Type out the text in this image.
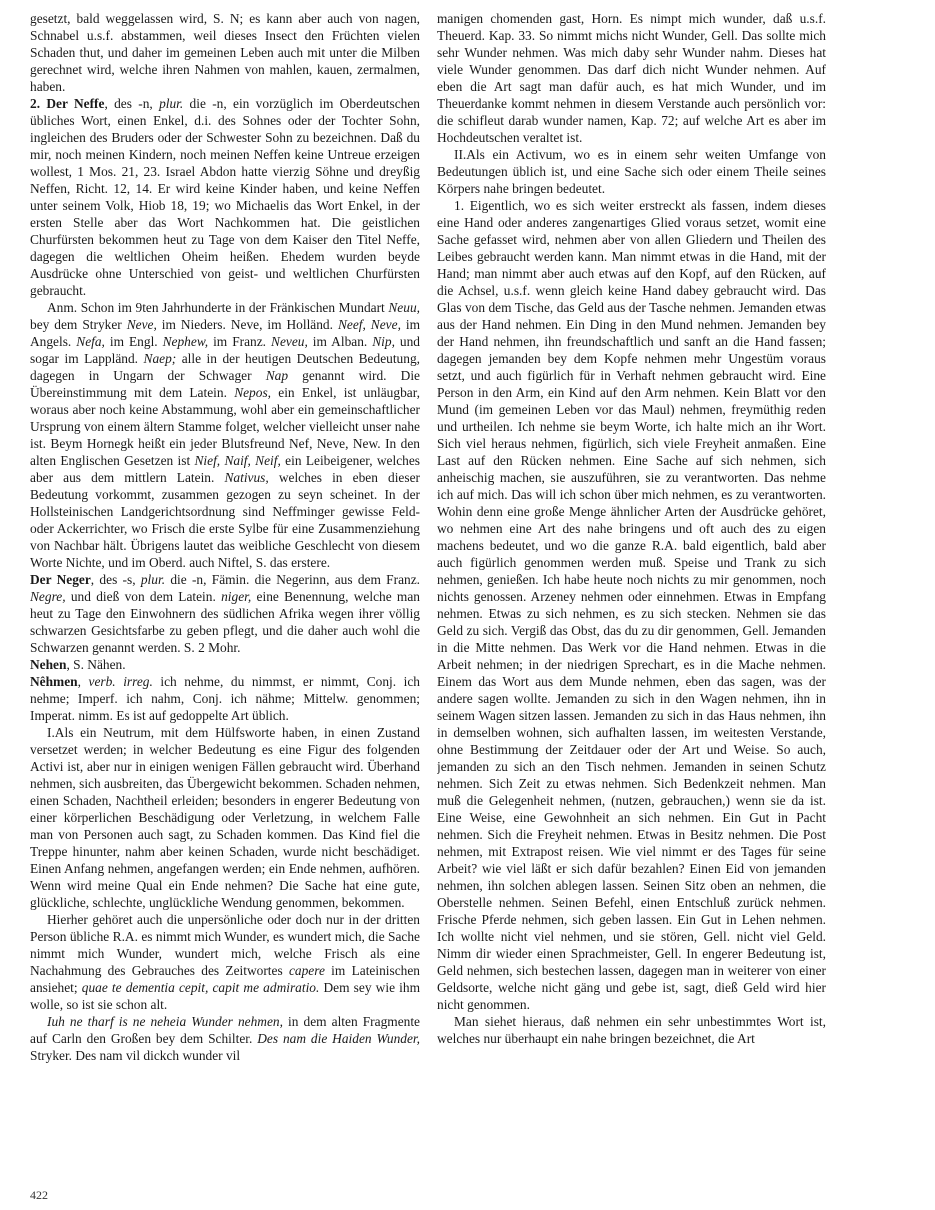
gesetzt, bald weggelassen wird, S. N; es kann aber auch von nagen, Schnabel u.s.f. abstammen, weil dieses Insect den Früchten vielen Schaden thut, und daher im gemeinen Leben auch mit unter die Milben gerechnet wird, welche ihren Nahmen von mahlen, kauen, zermalmen, haben.

2. Der Neffe, des -n, plur. die -n, ein vorzüglich im Oberdeutschen übliches Wort, einen Enkel, d.i. des Sohnes oder der Tochter Sohn, ingleichen des Bruders oder der Schwester Sohn zu bezeichnen. Daß du mir, noch meinen Kindern, noch meinen Neffen keine Untreue erzeigen wollest, 1 Mos. 21, 23. Israel Abdon hatte vierzig Söhne und dreyßig Neffen, Richt. 12, 14. Er wird keine Kinder haben, und keine Neffen unter seinem Volk, Hiob 18, 19; wo Michaelis das Wort Enkel, in der ersten Stelle aber das Wort Nachkommen hat. Die geistlichen Churfürsten bekommen heut zu Tage von dem Kaiser den Titel Neffe, dagegen die weltlichen Oheim heißen. Ehedem wurden beyde Ausdrücke ohne Unterschied von geist- und weltlichen Churfürsten gebraucht.

Anm. Schon im 9ten Jahrhunderte in der Fränkischen Mundart Neuu, bey dem Stryker Neve, im Nieders. Neve, im Holländ. Neef, Neve, im Angels. Nefa, im Engl. Nephew, im Franz. Neveu, im Alban. Nip, und sogar im Lappländ. Naep; alle in der heutigen Deutschen Bedeutung, dagegen in Ungarn der Schwager Nap genannt wird. Die Übereinstimmung mit dem Latein. Nepos, ein Enkel, ist unläugbar, woraus aber noch keine Abstammung, wohl aber ein gemeinschaftlicher Ursprung von einem ältern Stamme folget, welcher vielleicht unser nahe ist. Beym Hornegk heißt ein jeder Blutsfreund Nef, Neve, New. In den alten Englischen Gesetzen ist Nief, Naif, Neif, ein Leibeigener, welches aber aus dem mittlern Latein. Nativus, welches in eben dieser Bedeutung vorkommt, zusammen gezogen zu seyn scheinet. In der Hollsteinischen Landgerichtsordnung sind Neffminger gewisse Feld- oder Ackerrichter, wo Frisch die erste Sylbe für eine Zusammenziehung von Nachbar hält. Übrigens lautet das weibliche Geschlecht von diesem Worte Nichte, und im Oberd. auch Niftel, S. das erstere.

Der Neger, des -s, plur. die -n, Fämin. die Negerinn, aus dem Franz. Negre, und dieß von dem Latein. niger, eine Benennung, welche man heut zu Tage den Einwohnern des südlichen Afrika wegen ihrer völlig schwarzen Gesichtsfarbe zu geben pflegt, und die daher auch wohl die Schwarzen genannt werden. S. 2 Mohr.

Nehen, S. Nähen.

Nêhmen, verb. irreg. ich nehme, du nimmst, er nimmt, Conj. ich nehme; Imperf. ich nahm, Conj. ich nähme; Mittelw. genommen; Imperat. nimm. Es ist auf gedoppelte Art üblich.

I.Als ein Neutrum, mit dem Hülfsworte haben, in einen Zustand versetzet werden; in welcher Bedeutung es eine Figur des folgenden Activi ist, aber nur in einigen wenigen Fällen gebraucht wird. Überhand nehmen, sich ausbreiten, das Übergewicht bekommen. Schaden nehmen, einen Schaden, Nachtheil erleiden; besonders in engerer Bedeutung von einer körperlichen Beschädigung oder Verletzung, in welchem Falle man von Personen auch sagt, zu Schaden kommen. Das Kind fiel die Treppe hinunter, nahm aber keinen Schaden, wurde nicht beschädiget. Einen Anfang nehmen, angefangen werden; ein Ende nehmen, aufhören. Wenn wird meine Qual ein Ende nehmen? Die Sache hat eine gute, glückliche, schlechte, unglückliche Wendung genommen, bekommen.

Hierher gehöret auch die unpersönliche oder doch nur in der dritten Person übliche R.A. es nimmt mich Wunder, es wundert mich, die Sache nimmt mich Wunder, wundert mich, welche Frisch als eine Nachahmung des Gebrauches des Zeitwortes capere im Lateinischen ansiehet; quae te dementia cepit, capit me admiratio. Dem sey wie ihm wolle, so ist sie schon alt.

Iuh ne tharf is ne neheia Wunder nehmen, in dem alten Fragmente auf Carln den Großen bey dem Schilter. Des nam die Haiden Wunder, Stryker. Des nam vil dickch wunder vil

manigen chomenden gast, Horn. Es nimpt mich wunder, daß u.s.f. Theuerd. Kap. 33. So nimmt michs nicht Wunder, Gell. Das sollte mich sehr Wunder nehmen. Was mich daby sehr Wunder nahm. Dieses hat viele Wunder genommen. Das darf dich nicht Wunder nehmen. Auf eben die Art sagt man dafür auch, es hat mich Wunder, und im Theuerdanke kommt nehmen in diesem Verstande auch persönlich vor: die schifleut darab wunder namen, Kap. 72; auf welche Art es aber im Hochdeutschen veraltet ist.

II.Als ein Activum, wo es in einem sehr weiten Umfange von Bedeutungen üblich ist, und eine Sache sich oder einem Theile seines Körpers nahe bringen bedeutet.

1. Eigentlich, wo es sich weiter erstreckt als fassen, indem dieses eine Hand oder anderes zangenartiges Glied voraus setzet, womit eine Sache gefasset wird, nehmen aber von allen Gliedern und Theilen des Leibes gebraucht werden kann. Man nimmt etwas in die Hand, mit der Hand; man nimmt aber auch etwas auf den Kopf, auf den Rücken, auf die Achsel, u.s.f. wenn gleich keine Hand dabey gebraucht wird. Das Glas von dem Tische, das Geld aus der Tasche nehmen. Jemanden etwas aus der Hand nehmen. Ein Ding in den Mund nehmen. Jemanden bey der Hand nehmen, ihn freundschaftlich und sanft an die Hand fassen; dagegen jemanden bey dem Kopfe nehmen mehr Ungestüm voraus setzt, und auch figürlich für in Verhaft nehmen gebraucht wird. Eine Person in den Arm, ein Kind auf den Arm nehmen. Kein Blatt vor den Mund (im gemeinen Leben vor das Maul) nehmen, freymüthig reden und urtheilen. Ich nehme sie beym Worte, ich halte mich an ihr Wort. Sich viel heraus nehmen, figürlich, sich viele Freyheit anmaßen. Eine Last auf den Rücken nehmen. Eine Sache auf sich nehmen, sich anheischig machen, sie auszuführen, sie zu verantworten. Das nehme ich auf mich. Das will ich schon über mich nehmen, es zu verantworten. Wohin denn eine große Menge ähnlicher Arten der Ausdrücke gehöret, wo nehmen eine Art des nahe bringens und oft auch des zu eigen machens bedeutet, und wo die ganze R.A. bald eigentlich, bald aber auch figürlich genommen werden muß. Speise und Trank zu sich nehmen, genießen. Ich habe heute noch nichts zu mir genommen, noch nichts genossen. Arzeney nehmen oder einnehmen. Etwas in Empfang nehmen. Etwas zu sich nehmen, es zu sich stecken. Nehmen sie das Geld zu sich. Vergiß das Obst, das du zu dir genommen, Gell. Jemanden in die Mitte nehmen. Das Werk vor die Hand nehmen. Etwas in die Arbeit nehmen; in der niedrigen Sprechart, es in die Mache nehmen. Einem das Wort aus dem Munde nehmen, eben das sagen, was der andere sagen wollte. Jemanden zu sich in den Wagen nehmen, ihn in seinem Wagen sitzen lassen. Jemanden zu sich in das Haus nehmen, ihn in demselben wohnen, sich aufhalten lassen, im weitesten Verstande, ohne Bestimmung der Zeitdauer oder der Art und Weise. So auch, jemanden zu sich an den Tisch nehmen. Jemanden in seinen Schutz nehmen. Sich Zeit zu etwas nehmen. Sich Bedenkzeit nehmen. Man muß die Gelegenheit nehmen, (nutzen, gebrauchen,) wenn sie da ist. Eine Weise, eine Gewohnheit an sich nehmen. Ein Gut in Pacht nehmen. Sich die Freyheit nehmen. Etwas in Besitz nehmen. Die Post nehmen, mit Extrapost reisen. Wie viel nimmt er des Tages für seine Arbeit? wie viel läßt er sich dafür bezahlen? Einen Eid von jemanden nehmen, ihn solchen ablegen lassen. Seinen Sitz oben an nehmen, die Oberstelle nehmen. Seinen Befehl, einen Entschluß zurück nehmen. Frische Pferde nehmen, sich geben lassen. Ein Gut in Lehen nehmen. Ich wollte nicht viel nehmen, und sie stören, Gell. nicht viel Geld. Nimm dir wieder einen Sprachmeister, Gell. In engerer Bedeutung ist, Geld nehmen, sich bestechen lassen, dagegen man in weiterer von einer Geldsorte, welche nicht gäng und gebe ist, sagt, dieß Geld wird hier nicht genommen.

Man siehet hieraus, daß nehmen ein sehr unbestimmtes Wort ist, welches nur überhaupt ein nahe bringen bezeichnet, die Art

422
